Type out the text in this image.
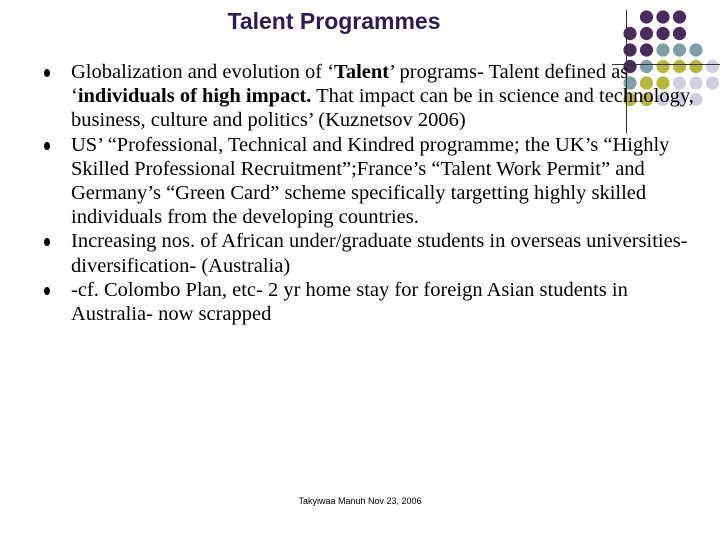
Talent Programmes
Globalization and evolution of ‘Talent’ programs- Talent defined as ‘individuals of high impact. That impact can be in science and technology, business, culture and politics’ (Kuznetsov 2006)
US’ “Professional, Technical and Kindred programme; the UK’s “Highly Skilled Professional Recruitment”;France’s “Talent Work Permit” and Germany’s “Green Card” scheme specifically targetting highly skilled individuals from the developing countries.
Increasing nos. of African under/graduate students in overseas universities- diversification- (Australia)
-cf. Colombo Plan, etc- 2 yr home stay for foreign Asian students in Australia- now scrapped
Takyiwaa Manuh Nov 23, 2006
